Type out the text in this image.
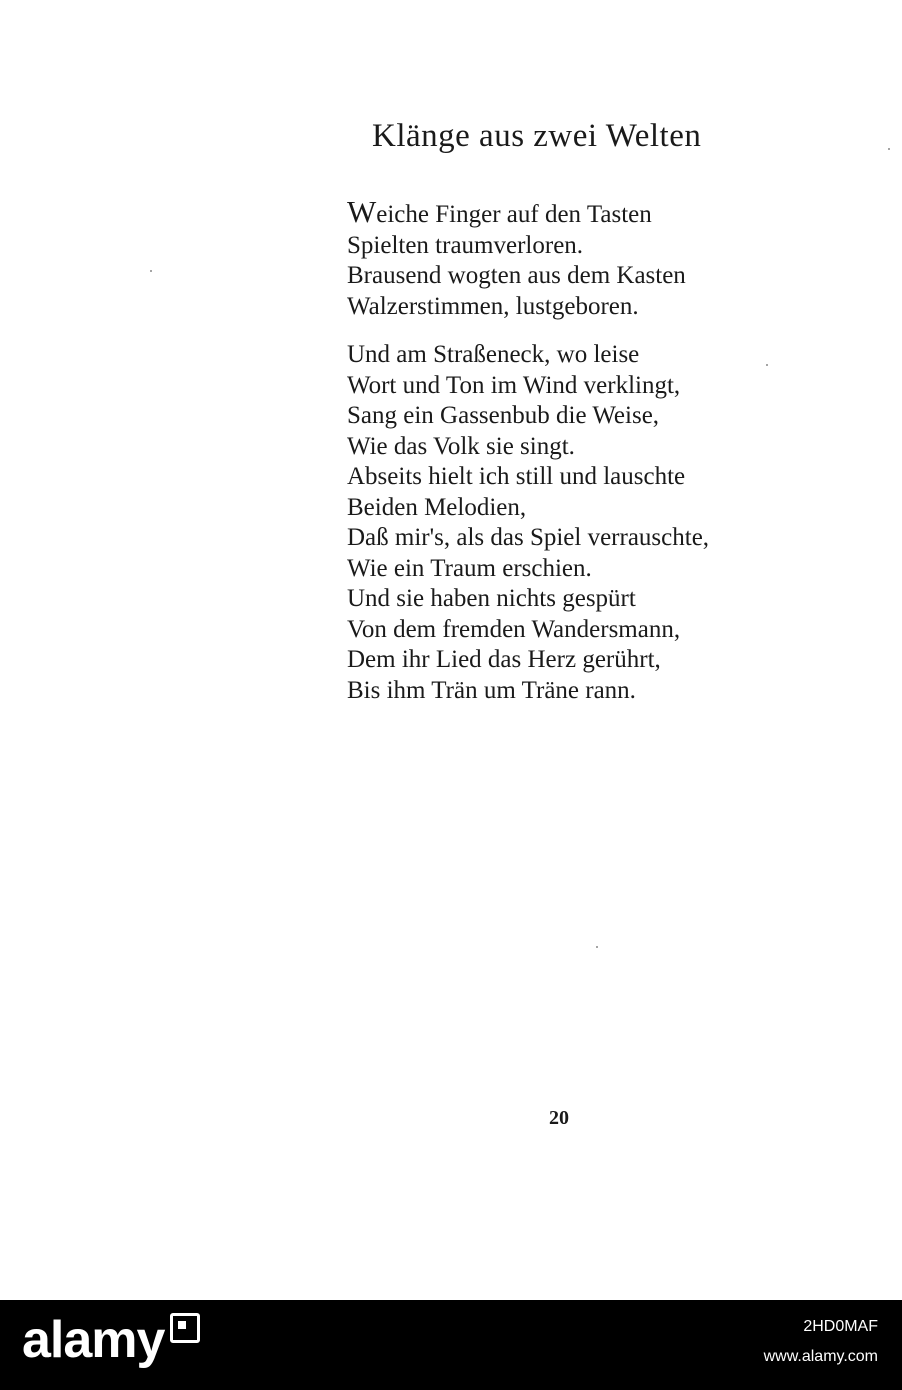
Klänge aus zwei Welten
Weiche Finger auf den Tasten
Spielten traumverloren.
Brausend wogten aus dem Kasten
Walzerstimmen, lustgeboren.
Und am Straßeneck, wo leise
Wort und Ton im Wind verklingt,
Sang ein Gassenbub die Weise,
Wie das Volk sie singt.
Abseits hielt ich still und lauschte
Beiden Melodien,
Daß mir's, als das Spiel verrauschte,
Wie ein Traum erschien.
Und sie haben nichts gespürt
Von dem fremden Wandersmann,
Dem ihr Lied das Herz gerührt,
Bis ihm Trän um Träne rann.
20
alamy	2HD0MAF
www.alamy.com
